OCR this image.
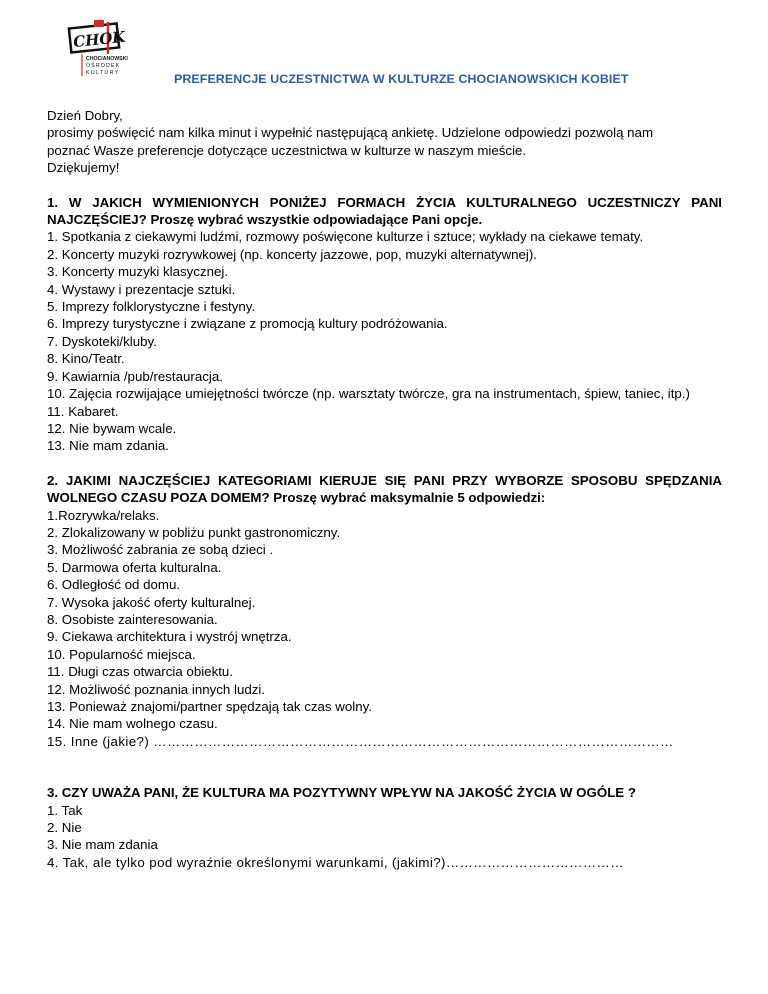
CHOK
CHOCIANOWSKI
OŚRODEK
KULTURY	PREFERENCJE UCZESTNICTWA W KULTURZE CHOCIANOWSKICH KOBIET
Dzień Dobry,
prosimy poświęcić nam kilka minut i wypełnić następującą ankietę. Udzielone odpowiedzi pozwolą nam
poznać Wasze preferencje dotyczące uczestnictwa w kulturze w naszym mieście.
Dziękujemy!
1. W JAKICH WYMIENIONYCH PONIŻEJ FORMACH ŻYCIA KULTURALNEGO UCZESTNICZY PANI NAJCZĘŚCIEJ? Proszę wybrać wszystkie odpowiadające Pani opcje.
1. Spotkania z ciekawymi ludźmi, rozmowy poświęcone kulturze i sztuce; wykłady na ciekawe tematy.
2. Koncerty muzyki rozrywkowej (np. koncerty jazzowe, pop, muzyki alternatywnej).
3. Koncerty muzyki klasycznej.
4. Wystawy i prezentacje sztuki.
5. Imprezy folklorystyczne i festyny.
6. Imprezy turystyczne i związane z promocją kultury podróżowania.
7. Dyskoteki/kluby.
8. Kino/Teatr.
9. Kawiarnia /pub/restauracja.
10. Zajęcia rozwijające umiejętności twórcze (np. warsztaty twórcze, gra na instrumentach, śpiew, taniec, itp.)
11. Kabaret.
12. Nie bywam wcale.
13. Nie mam zdania.
2. JAKIMI NAJCZĘŚCIEJ KATEGORIAMI KIERUJE SIĘ PANI PRZY WYBORZE SPOSOBU SPĘDZANIA WOLNEGO CZASU POZA DOMEM? Proszę wybrać maksymalnie 5 odpowiedzi:
1.Rozrywka/relaks.
2. Zlokalizowany w pobliżu punkt gastronomiczny.
3. Możliwość zabrania ze sobą dzieci .
5. Darmowa oferta kulturalna.
6. Odległość od domu.
7. Wysoka jakość oferty kulturalnej.
8. Osobiste zainteresowania.
9. Ciekawa architektura i wystrój wnętrza.
10. Popularność miejsca.
11. Długi czas otwarcia obiektu.
12. Możliwość poznania innych ludzi.
13. Ponieważ znajomi/partner spędzają tak czas wolny.
14. Nie mam wolnego czasu.
15. Inne (jakie?) ……………………………………………………………………………………………………
3. CZY UWAŻA PANI, ŻE KULTURA MA POZYTYWNY WPŁYW NA JAKOŚĆ ŻYCIA W OGÓLE ?
1. Tak
2. Nie
3. Nie mam zdania
4. Tak, ale tylko pod wyraźnie określonymi warunkami, (jakimi?)…………………………………
